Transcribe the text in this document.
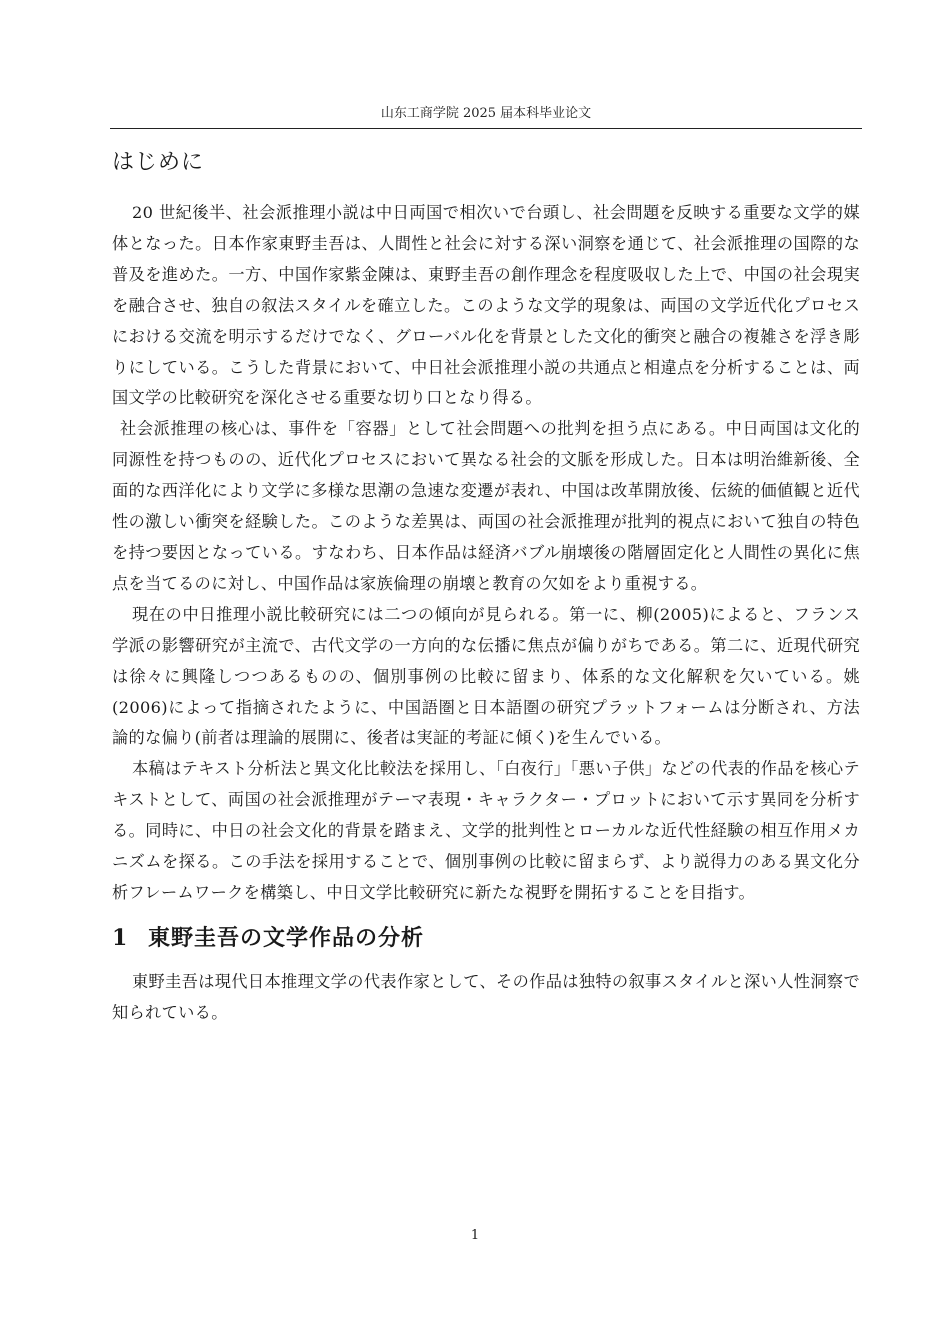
山东工商学院 2025 届本科毕业论文
はじめに

20 世紀後半、社会派推理小説は中日両国で相次いで台頭し、社会問題を反映する重要な文学的媒体となった。日本作家東野圭吾は、人間性と社会に対する深い洞察を通じて、社会派推理の国際的な普及を進めた。一方、中国作家紫金陳は、東野圭吾の創作理念を程度吸収した上で、中国の社会現実を融合させ、独自の叙法スタイルを確立した。このような文学的現象は、両国の文学近代化プロセスにおける交流を明示するだけでなく、グローバル化を背景とした文化的衝突と融合の複雑さを浮き彫りにしている。こうした背景において、中日社会派推理小説の共通点と相違点を分析することは、両国文学の比較研究を深化させる重要な切り口となり得る。

社会派推理の核心は、事件を「容器」として社会問題への批判を担う点にある。中日両国は文化的同源性を持つものの、近代化プロセスにおいて異なる社会的文脈を形成した。日本は明治維新後、全面的な西洋化により文学に多様な思潮の急速な変遷が表れ、中国は改革開放後、伝統的価値観と近代性の激しい衝突を経験した。このような差異は、両国の社会派推理が批判的視点において独自の特色を持つ要因となっている。すなわち、日本作品は経済バブル崩壊後の階層固定化と人間性の異化に焦点を当てるのに対し、中国作品は家族倫理の崩壊と教育の欠如をより重視する。

現在の中日推理小説比較研究には二つの傾向が見られる。第一に、柳(2005)によると、フランス学派の影響研究が主流で、古代文学の一方向的な伝播に焦点が偏りがちである。第二に、近現代研究は徐々に興隆しつつあるものの、個別事例の比較に留まり、体系的な文化解釈を欠いている。姚(2006)によって指摘されたように、中国語圏と日本語圏の研究プラットフォームは分断され、方法論的な偏り(前者は理論的展開に、後者は実証的考証に傾く)を生んでいる。

本稿はテキスト分析法と異文化比較法を採用し、「白夜行」「悪い子供」などの代表的作品を核心テキストとして、両国の社会派推理がテーマ表現・キャラクター・プロットにおいて示す異同を分析する。同時に、中日の社会文化的背景を踏まえ、文学的批判性とローカルな近代性経験の相互作用メカニズムを探る。この手法を採用することで、個別事例の比較に留まらず、より説得力のある異文化分析フレームワークを構築し、中日文学比較研究に新たな視野を開拓することを目指す。

1 東野圭吾の文学作品の分析

東野圭吾は現代日本推理文学の代表作家として、その作品は独特の叙事スタイルと深い人性洞察で知られている。

1
